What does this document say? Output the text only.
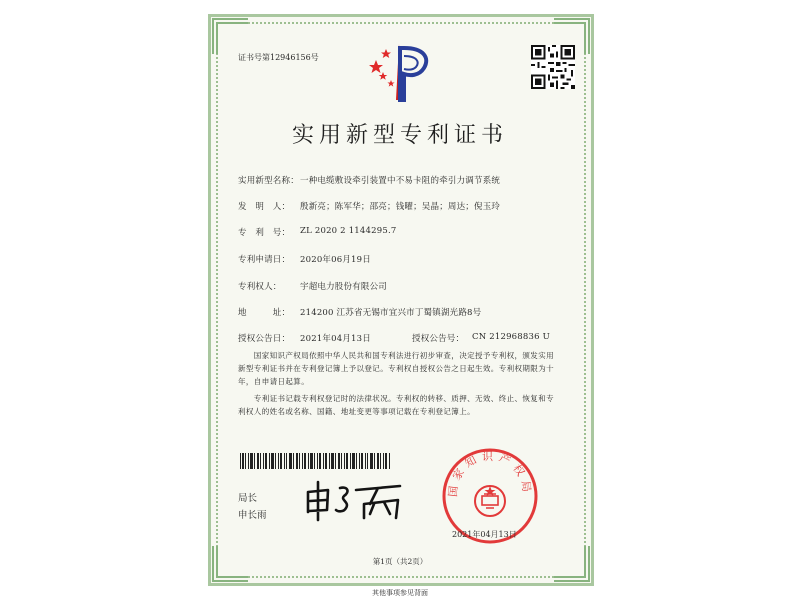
证书号第12946156号
实用新型专利证书
实用新型名称： 一种电缆敷设牵引装置中不易卡阻的牵引力调节系统
发　明　人： 殷新亮；陈军华；邵亮；钱曜；吴晶；周达；倪玉玲
专　利　号： ZL 2020 2 1144295.7
专利申请日： 2020年06月19日
专利权人： 宇超电力股份有限公司
地　　　址： 214200 江苏省无锡市宜兴市丁蜀镇湖光路8号
授权公告日： 2021年04月13日	授权公告号： CN 212968836 U
　　国家知识产权局依照中华人民共和国专利法进行初步审查，决定授予专利权，颁发实用
新型专利证书并在专利登记簿上予以登记。专利权自授权公告之日起生效。专利权期限为十
年，自申请日起算。
　　专利证书记载专利权登记时的法律状况。专利权的转移、质押、无效、终止、恢复和专
利权人的姓名或名称、国籍、地址变更等事项记载在专利登记簿上。
局长
申长雨
国家知识产权局
2021年04月13日
第1页（共2页）
其他事项参见背面
